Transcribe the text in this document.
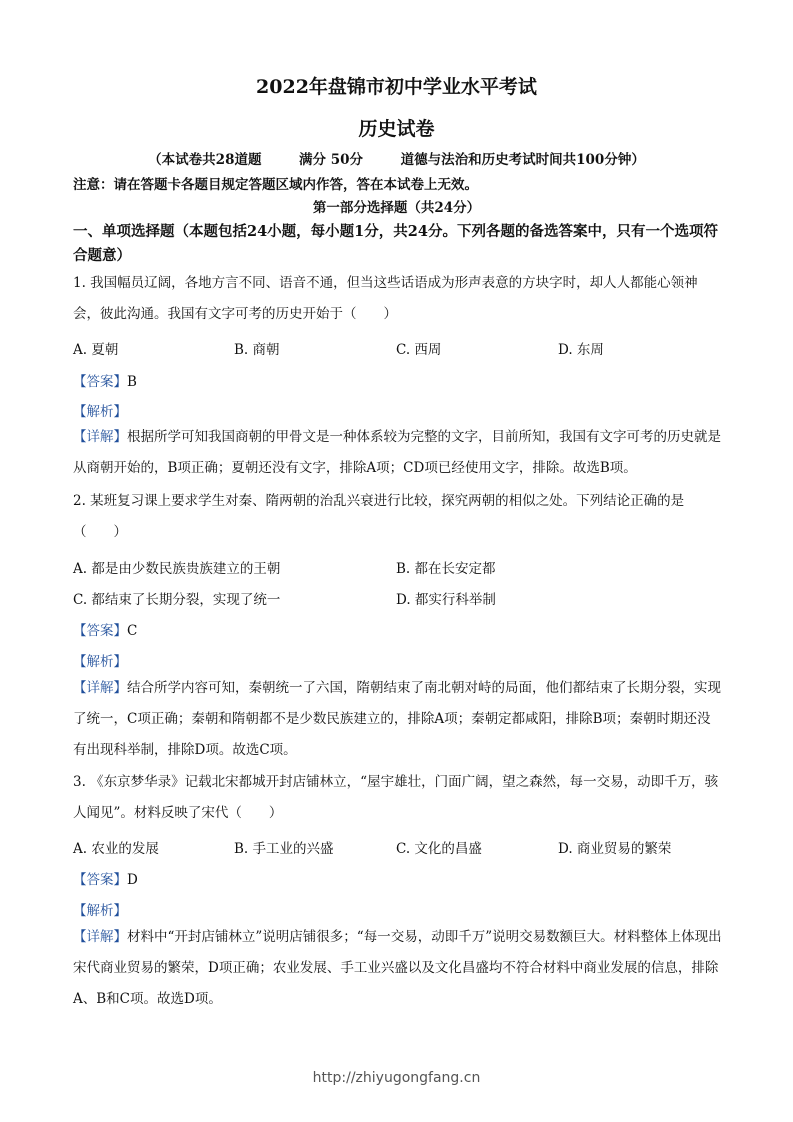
2022年盘锦市初中学业水平考试
历史试卷
（本试卷共28道题        满分 50分        道德与法治和历史考试时间共100分钟）
注意：请在答题卡各题目规定答题区域内作答，答在本试卷上无效。
第一部分选择题（共24分）
一、单项选择题（本题包括24小题，每小题1分，共24分。下列各题的备选答案中，只有一个选项符合题意）
1. 我国幅员辽阔，各地方言不同、语音不通，但当这些话语成为形声表意的方块字时，却人人都能心领神会，彼此沟通。我国有文字可考的历史开始于（　　）
A. 夏朝	B. 商朝	C. 西周	D. 东周
【答案】B
【解析】
【详解】根据所学可知我国商朝的甲骨文是一种体系较为完整的文字，目前所知，我国有文字可考的历史就是从商朝开始的，B项正确；夏朝还没有文字，排除A项；CD项已经使用文字，排除。故选B项。
2. 某班复习课上要求学生对秦、隋两朝的治乱兴衰进行比较，探究两朝的相似之处。下列结论正确的是（　　）
A. 都是由少数民族贵族建立的王朝	B. 都在长安定都
C. 都结束了长期分裂，实现了统一	D. 都实行科举制
【答案】C
【解析】
【详解】结合所学内容可知，秦朝统一了六国，隋朝结束了南北朝对峙的局面，他们都结束了长期分裂，实现了统一，C项正确；秦朝和隋朝都不是少数民族建立的，排除A项；秦朝定都咸阳，排除B项；秦朝时期还没有出现科举制，排除D项。故选C项。
3. 《东京梦华录》记载北宋都城开封店铺林立，“屋宇雄壮，门面广阔，望之森然，每一交易，动即千万，骇人闻见”。材料反映了宋代（　　）
A. 农业的发展	B. 手工业的兴盛	C. 文化的昌盛	D. 商业贸易的繁荣
【答案】D
【解析】
【详解】材料中“开封店铺林立”说明店铺很多；“每一交易，动即千万”说明交易数额巨大。材料整体上体现出宋代商业贸易的繁荣，D项正确；农业发展、手工业兴盛以及文化昌盛均不符合材料中商业发展的信息，排除A、B和C项。故选D项。
http://zhiyugongfang.cn
